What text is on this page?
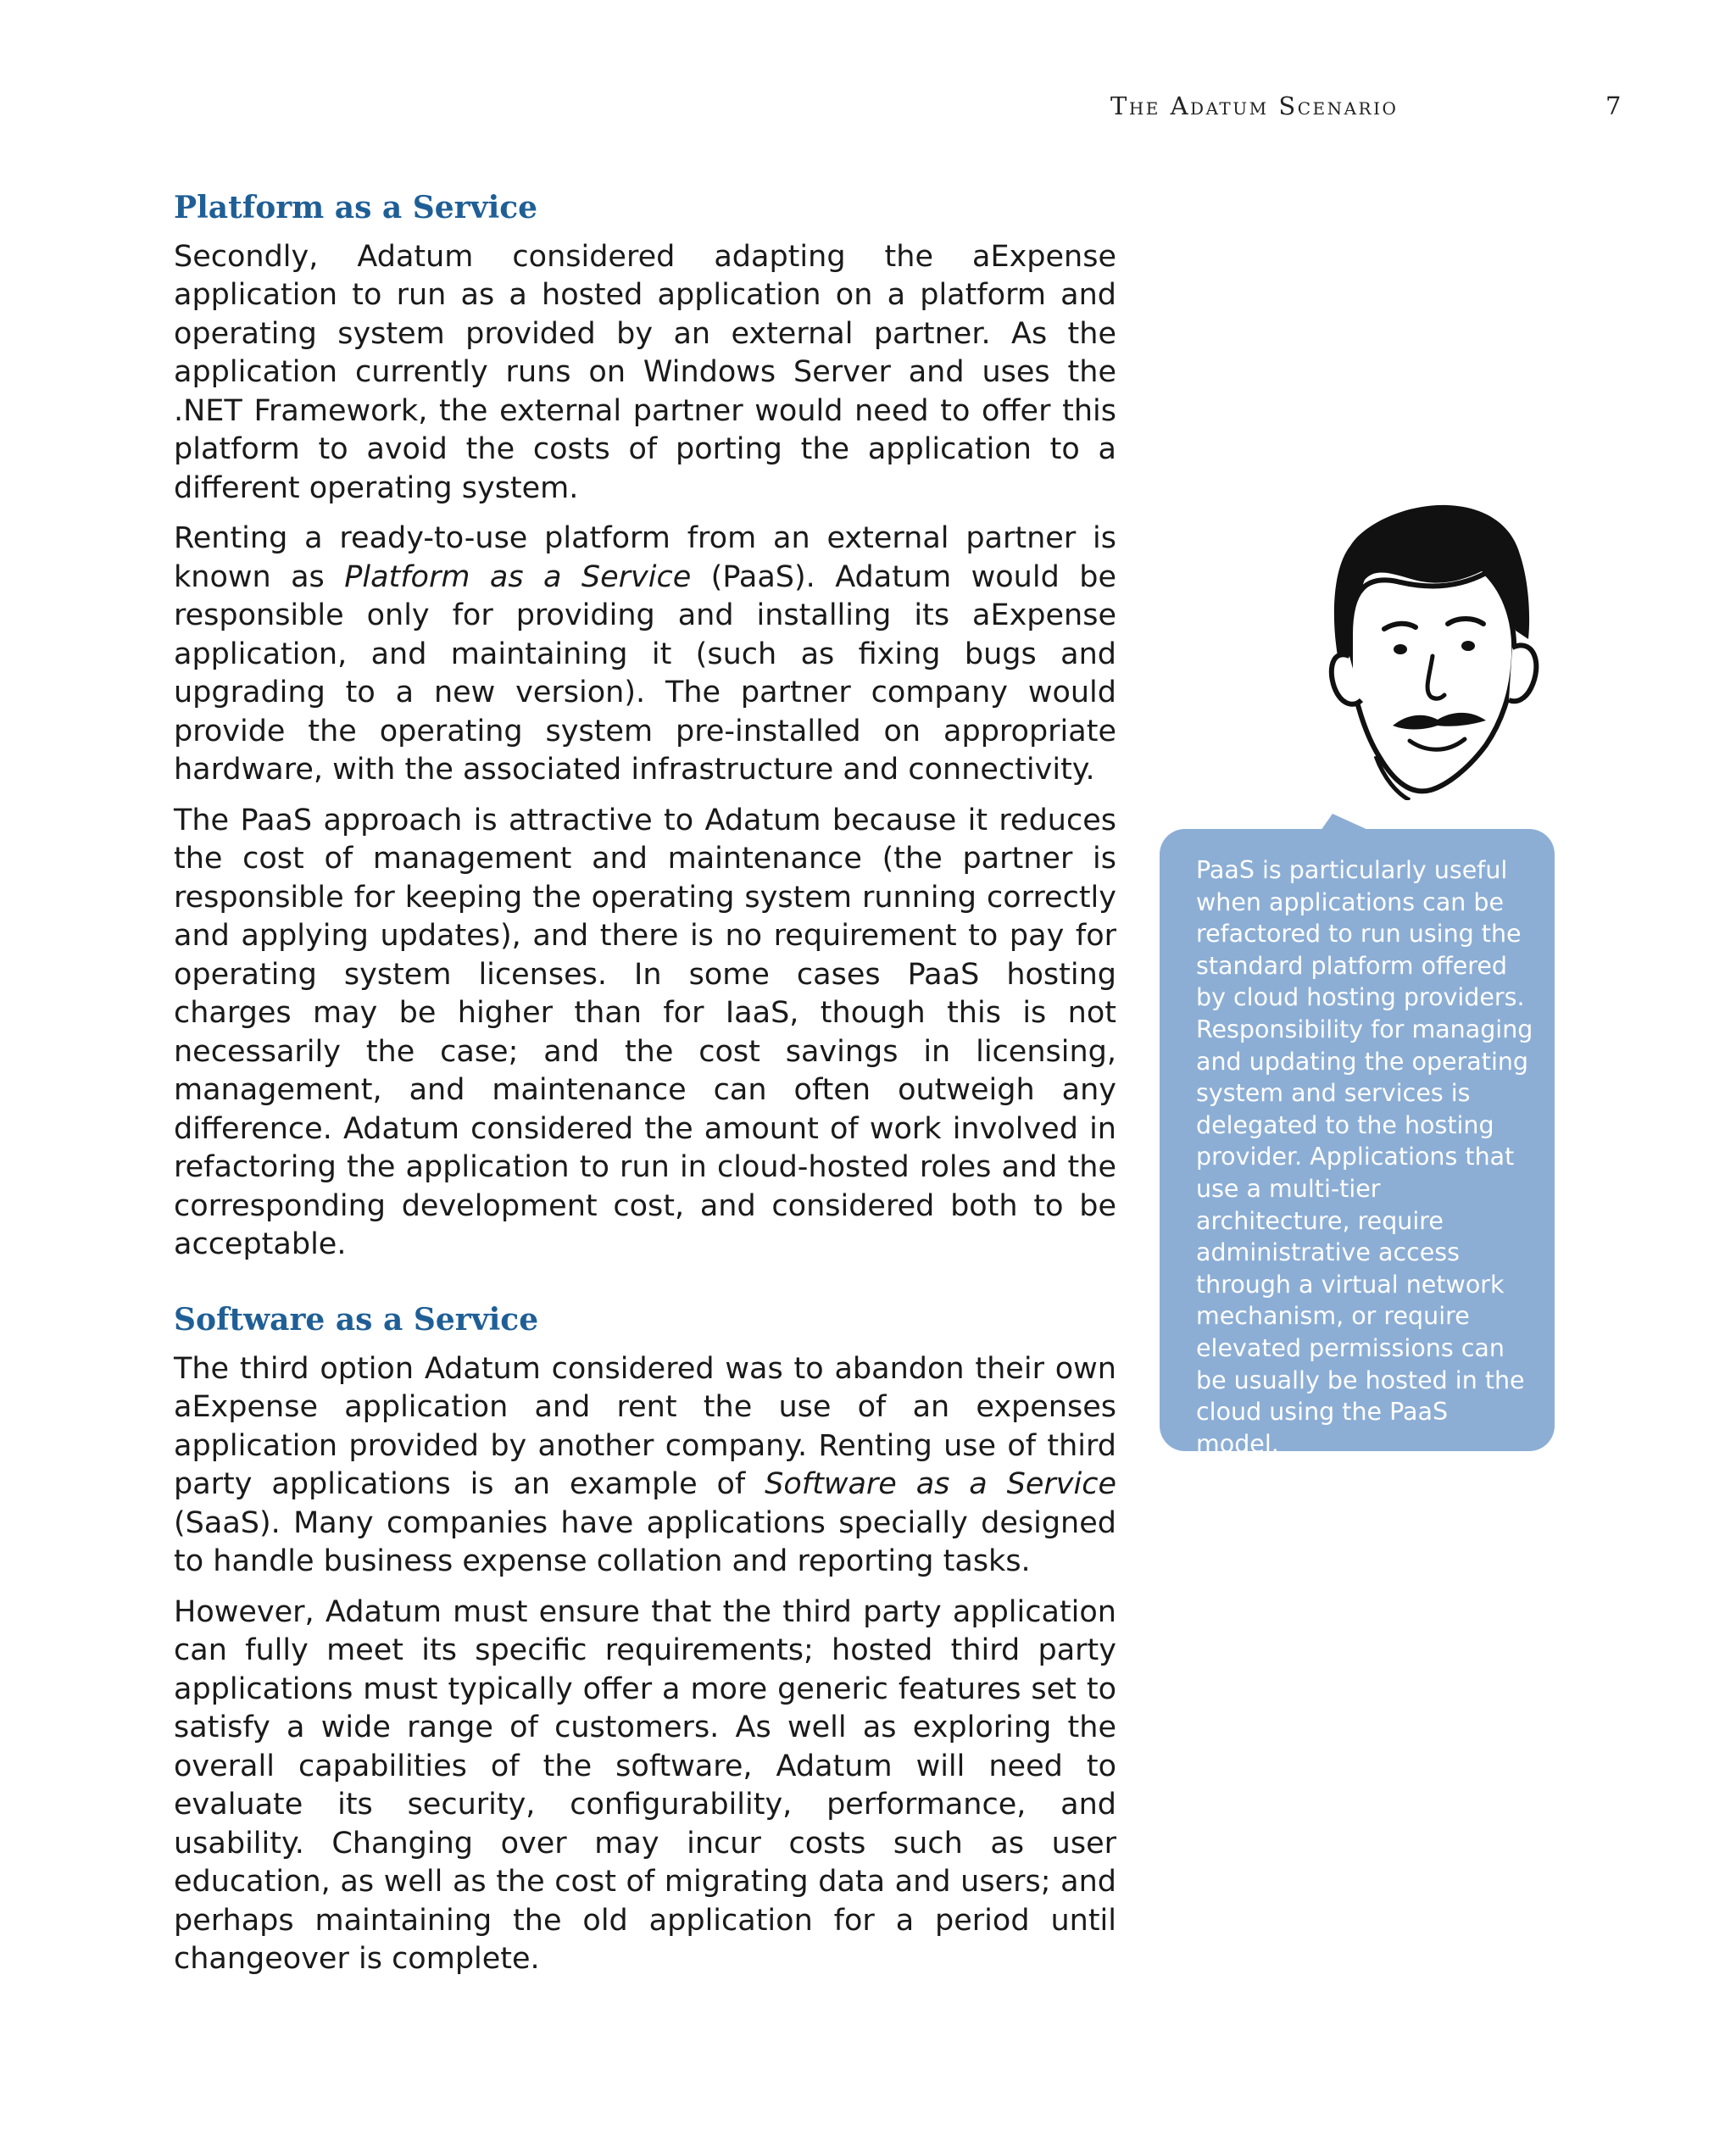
The Adatum Scenario	7
Platform as a Service

Secondly, Adatum considered adapting the aExpense application to run as a hosted application on a platform and operating system provided by an external partner. As the application currently runs on Windows Server and uses the .NET Framework, the external partner would need to offer this platform to avoid the costs of porting the application to a different operating system.

Renting a ready-to-use platform from an external partner is known as Platform as a Service (PaaS). Adatum would be responsible only for providing and installing its aExpense application, and maintaining it (such as fixing bugs and upgrading to a new version). The partner company would provide the operating system pre-installed on appropriate hardware, with the associated infrastructure and connectivity.

The PaaS approach is attractive to Adatum because it reduces the cost of management and maintenance (the partner is responsible for keeping the operating system running correctly and applying updates), and there is no requirement to pay for operating system licenses. In some cases PaaS hosting charges may be higher than for IaaS, though this is not necessarily the case; and the cost savings in licensing, management, and maintenance can often outweigh any difference. Adatum considered the amount of work involved in refactoring the application to run in cloud-hosted roles and the corresponding development cost, and considered both to be acceptable.

Software as a Service

The third option Adatum considered was to abandon their own aExpense application and rent the use of an expenses application provided by another company. Renting use of third party applications is an example of Software as a Service (SaaS). Many companies have applications specially designed to handle business expense collation and reporting tasks.

However, Adatum must ensure that the third party application can fully meet its specific requirements; hosted third party applications must typically offer a more generic features set to satisfy a wide range of customers. As well as exploring the overall capabilities of the software, Adatum will need to evaluate its security, configurability, performance, and usability. Changing over may incur costs such as user education, as well as the cost of migrating data and users; and perhaps maintaining the old application for a period until changeover is complete.

PaaS is particularly useful when applications can be refactored to run using the standard platform offered by cloud hosting providers. Responsibility for managing and updating the operating system and services is delegated to the hosting provider. Applications that use a multi-tier architecture, require administrative access through a virtual network mechanism, or require elevated permissions can be usually be hosted in the cloud using the PaaS model.
